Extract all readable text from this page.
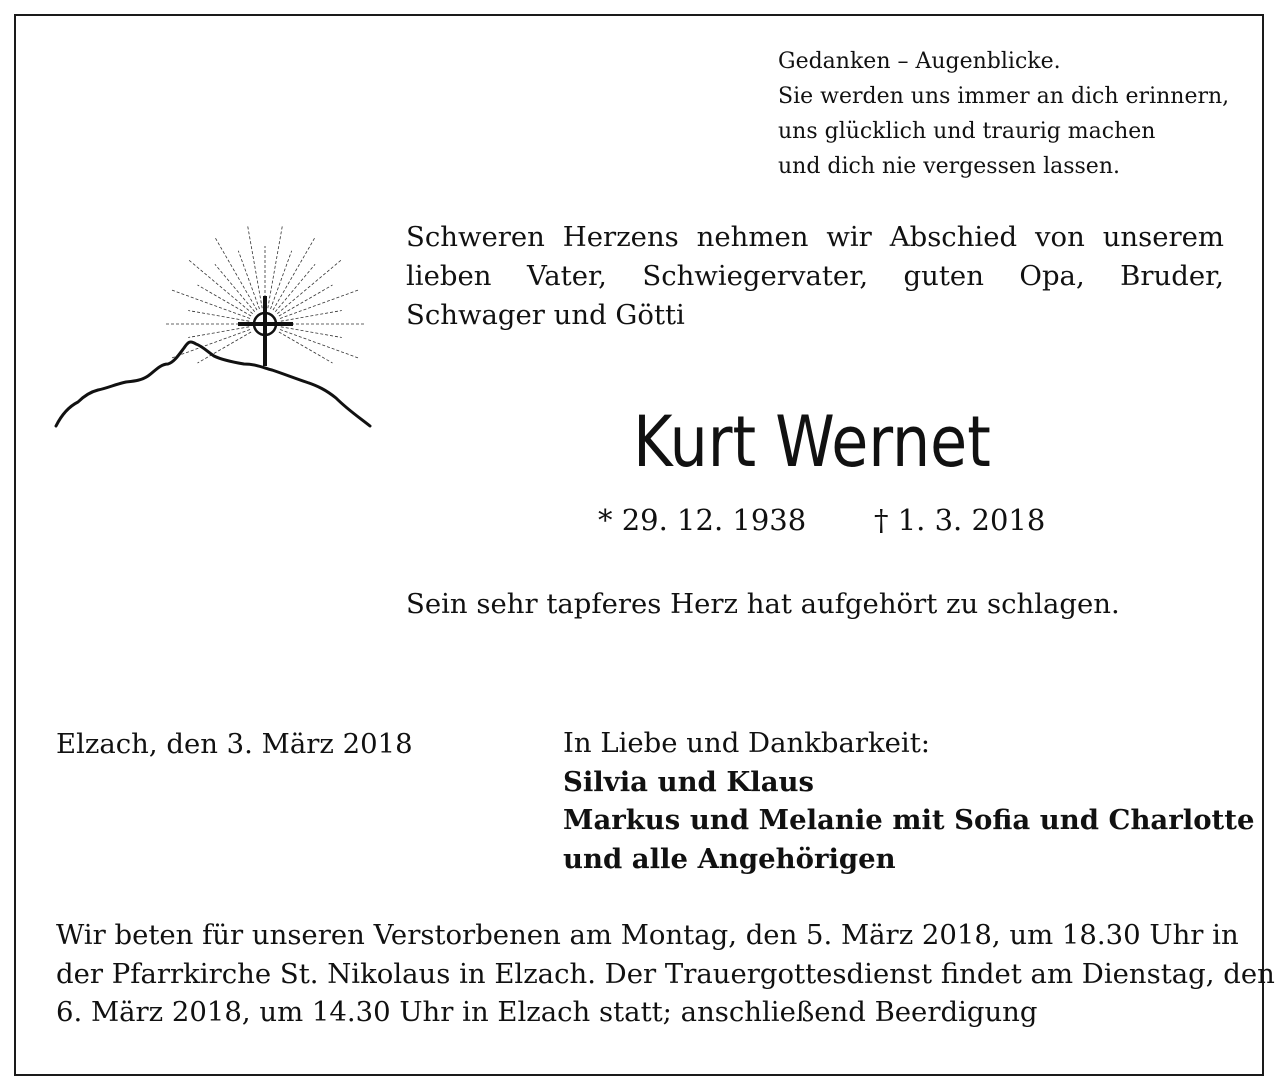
Gedanken – Augenblicke.
Sie werden uns immer an dich erinnern,
uns glücklich und traurig machen
und dich nie vergessen lassen.
Schweren Herzens nehmen wir Abschied von unserem lieben Vater, Schwiegervater, guten Opa, Bruder, Schwager und Götti
Kurt Wernet
* 29. 12. 1938 † 1. 3. 2018
Sein sehr tapferes Herz hat aufgehört zu schlagen.
Elzach, den 3. März 2018	In Liebe und Dankbarkeit:
Silvia und Klaus
Markus und Melanie mit Sofia und Charlotte
und alle Angehörigen
Wir beten für unseren Verstorbenen am Montag, den 5. März 2018, um 18.30 Uhr in
der Pfarrkirche St. Nikolaus in Elzach. Der Trauergottesdienst findet am Dienstag, den
6. März 2018, um 14.30 Uhr in Elzach statt; anschließend Beerdigung
